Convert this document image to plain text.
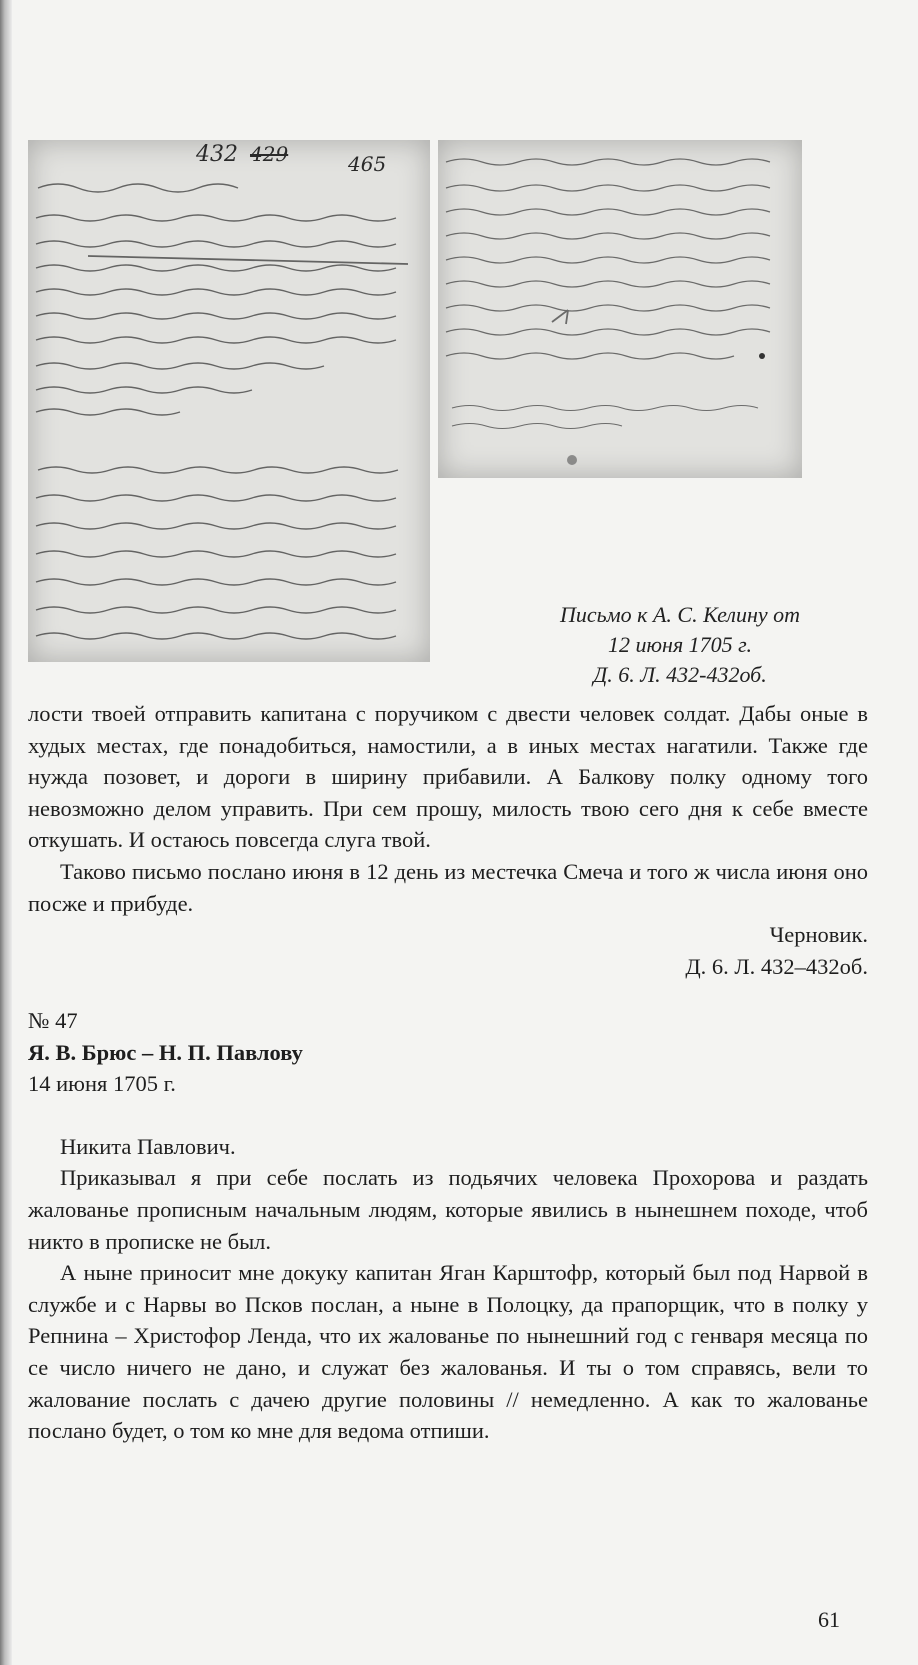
432 429	465
Письмо к А. С. Келину от
12 июня 1705 г.
Д. 6. Л. 432-432об.

лости твоей отправить капитана с поручиком с двести человек солдат. Дабы оные в худых местах, где понадобиться, намостили, а в иных местах нагатили. Также где нужда позовет, и дороги в ширину прибавили. А Балкову полку одному того невозможно делом управить. При сем прошу, милость твою сего дня к себе вместе откушать. И остаюсь повсегда слуга твой.

Таково письмо послано июня в 12 день из местечка Смеча и того ж числа июня оно посже и прибуде.

Черновик.

Д. 6. Л. 432–432об.

№ 47
Я. В. Брюс – Н. П. Павлову
14 июня 1705 г.

Никита Павлович.

Приказывал я при себе послать из подьячих человека Прохорова и раздать жалованье прописным начальным людям, которые явились в нынешнем походе, чтоб никто в прописке не был.

А ныне приносит мне докуку капитан Яган Карштофр, который был под Нарвой в службе и с Нарвы во Псков послан, а ныне в Полоцку, да прапорщик, что в полку у Репнина – Христофор Ленда, что их жалованье по нынешний год с генваря месяца по се число ничего не дано, и служат без жалованья. И ты о том справясь, вели то жалование послать с дачею другие половины // немедленно. А как то жалованье послано будет, о том ко мне для ведома отпиши.

61
